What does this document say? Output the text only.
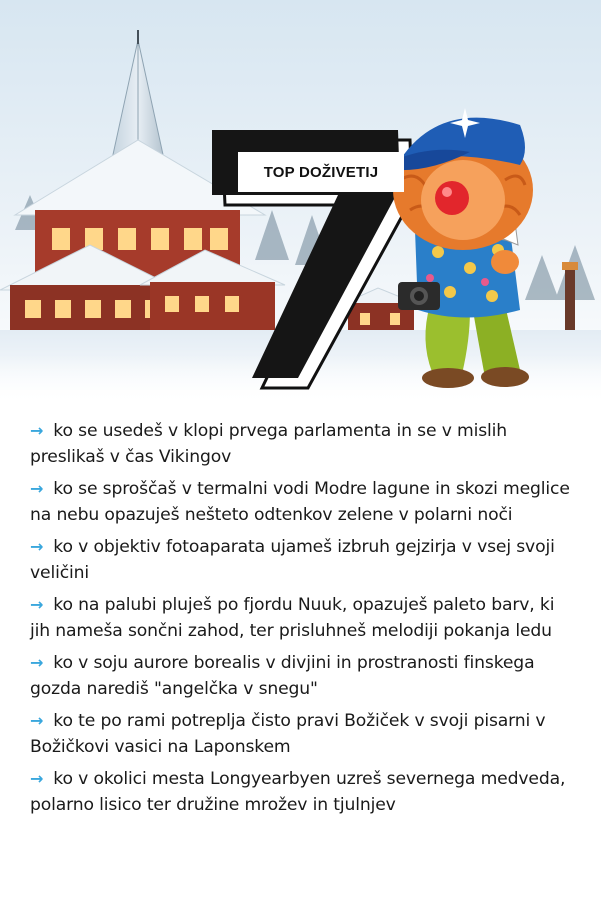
TOP DOŽIVETIJ
→ ko se usedeš v klopi prvega parlamenta in se v mislih preslikaš v čas Vikingov
→ ko se sproščaš v termalni vodi Modre lagune in skozi meglice na nebu opazuješ nešteto odtenkov zelene v polarni noči
→ ko v objektiv fotoaparata ujameš izbruh gejzirja v vsej svoji veličini
→ ko na palubi pluješ po fjordu Nuuk, opazuješ paleto barv, ki jih nameša sončni zahod, ter prisluhneš melodiji pokanja ledu
→ ko v soju aurore borealis v divjini in prostranosti finskega gozda narediš "angelčka v snegu"
→ ko te po rami potreplja čisto pravi Božiček v svoji pisarni v Božičkovi vasici na Laponskem
→ ko v okolici mesta Longyearbyen uzreš severnega medveda, polarno lisico ter družine mrožev in tjulnjev
